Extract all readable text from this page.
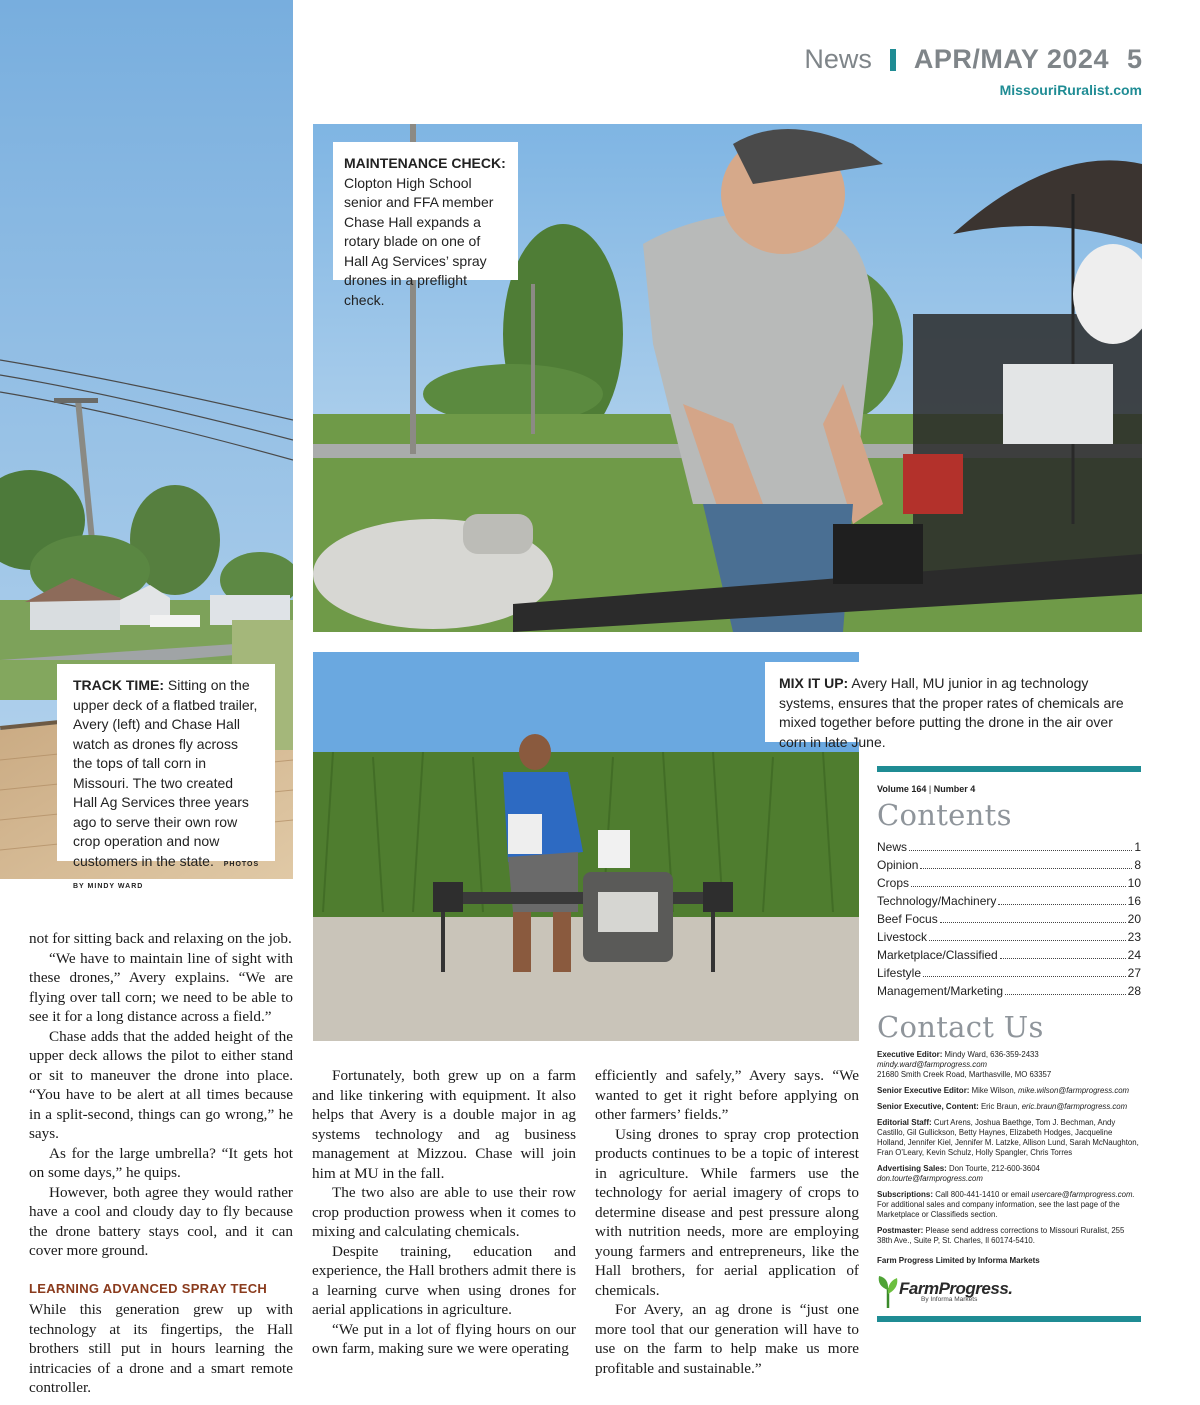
News APR/MAY 2024 5
MissouriRuralist.com
TRACK TIME: Sitting on the upper deck of a flatbed trailer, Avery (left) and Chase Hall watch as drones fly across the tops of tall corn in Missouri. The two created Hall Ag Services three years ago to serve their own row crop operation and now customers in the state. PHOTOS BY MINDY WARD
MAINTENANCE CHECK:
Clopton High School senior and FFA member Chase Hall expands a rotary blade on one of Hall Ag Services’ spray drones in a preflight check.
MIX IT UP: Avery Hall, MU junior in ag technology systems, ensures that the proper rates of chemicals are mixed together before putting the drone in the air over corn in late June.

not for sitting back and relaxing on the job.

“We have to maintain line of sight with these drones,” Avery explains. “We are flying over tall corn; we need to be able to see it for a long distance across a field.”

Chase adds that the added height of the upper deck allows the pilot to either stand or sit to maneuver the drone into place. “You have to be alert at all times because in a split-second, things can go wrong,” he says.

As for the large umbrella? “It gets hot on some days,” he quips.

However, both agree they would rather have a cool and cloudy day to fly because the drone battery stays cool, and it can cover more ground.

LEARNING ADVANCED SPRAY TECH

While this generation grew up with technology at its fingertips, the Hall brothers still put in hours learning the intricacies of a drone and a smart remote controller.

Fortunately, both grew up on a farm and like tinkering with equipment. It also helps that Avery is a double major in ag systems technology and ag business management at Mizzou. Chase will join him at MU in the fall.

The two also are able to use their row crop production prowess when it comes to mixing and calculating chemicals.

Despite training, education and experience, the Hall brothers admit there is a learning curve when using drones for aerial applications in agriculture.

“We put in a lot of flying hours on our own farm, making sure we were operating

efficiently and safely,” Avery says. “We wanted to get it right before applying on other farmers’ fields.”

Using drones to spray crop protection products continues to be a topic of interest in agriculture. While farmers use the technology for aerial imagery of crops to determine disease and pest pressure along with nutrition needs, more are employing young farmers and entrepreneurs, like the Hall brothers, for aerial application of chemicals.

For Avery, an ag drone is “just one more tool that our generation will have to use on the farm to help make us more profitable and sustainable.”

Volume 164 | Number 4
Contents
News	1
Opinion	8
Crops	10
Technology/Machinery	16
Beef Focus	20
Livestock	23
Marketplace/Classified	24
Lifestyle	27
Management/Marketing	28
Contact Us

Executive Editor: Mindy Ward, 636-359-2433
mindy.ward@farmprogress.com
21680 Smith Creek Road, Marthasville, MO 63357

Senior Executive Editor: Mike Wilson, mike.wilson@farmprogress.com

Senior Executive, Content: Eric Braun, eric.braun@farmprogress.com

Editorial Staff: Curt Arens, Joshua Baethge, Tom J. Bechman, Andy Castillo, Gil Gullickson, Betty Haynes, Elizabeth Hodges, Jacqueline Holland, Jennifer Kiel, Jennifer M. Latzke, Allison Lund, Sarah McNaughton, Fran O’Leary, Kevin Schulz, Holly Spangler, Chris Torres

Advertising Sales: Don Tourte, 212-600-3604
don.tourte@farmprogress.com

Subscriptions: Call 800-441-1410 or email usercare@farmprogress.com. For additional sales and company information, see the last page of the Marketplace or Classifieds section.

Postmaster: Please send address corrections to Missouri Ruralist, 255 38th Ave., Suite P, St. Charles, Il 60174-5410.

Farm Progress Limited by Informa Markets

FarmProgress.
By Informa Markets
